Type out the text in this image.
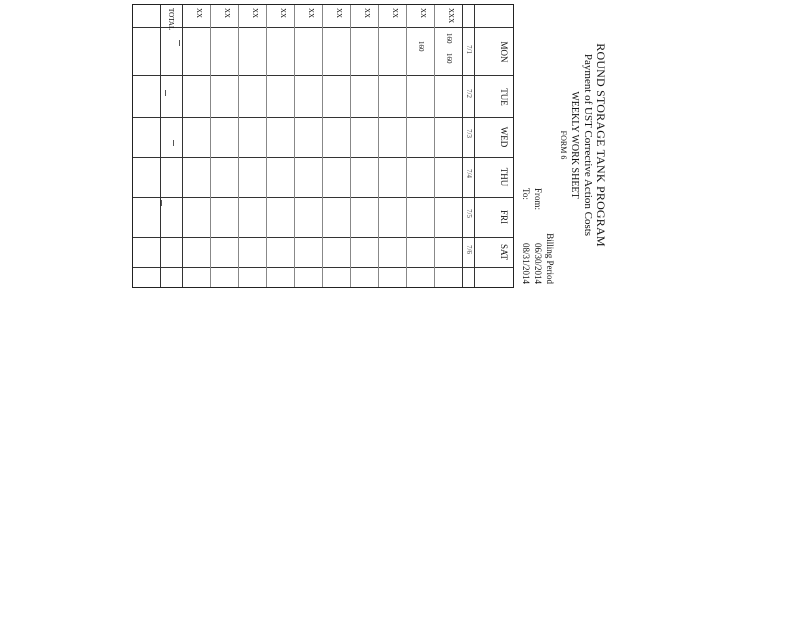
ROUND STORAGE TANK PROGRAM
Payment of UST Corrective Action Costs
WEEKLY WORK SHEET
FORM 6
Billing Period
From:
06/30/2014
To:
08/31/2014
MON
TUE
WED
THU
FRI
SAT
7/1
7/2
7/3
7/4
7/5
7/6
XXX
XX
XX
XX
XX
XX
XX
XX
XX
XX
160
160
160
TOTAL
